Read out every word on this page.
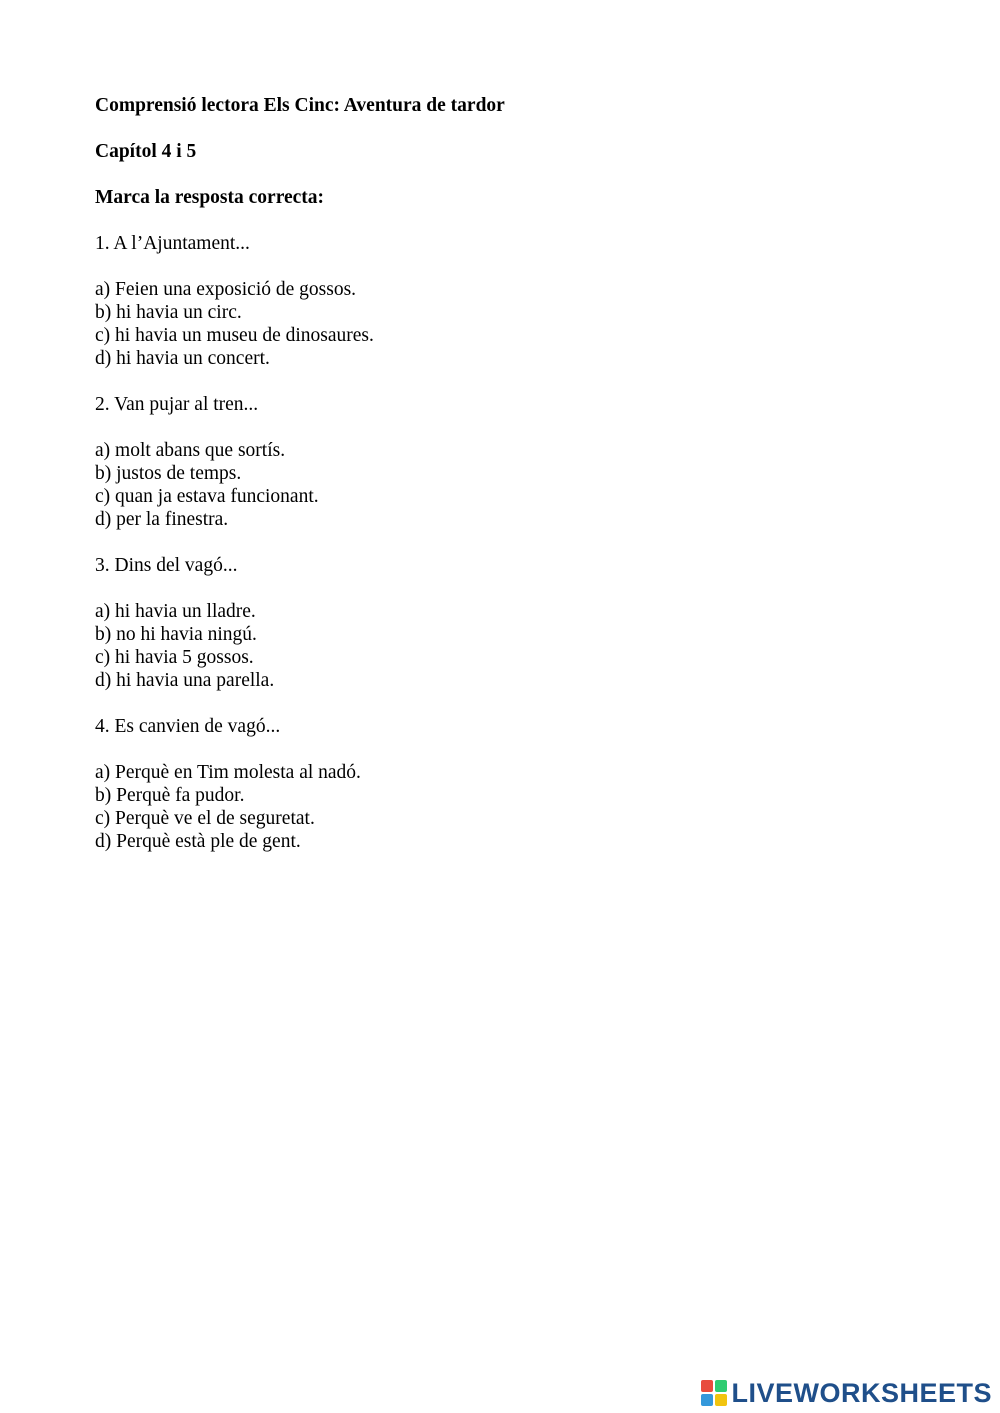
Comprensió lectora Els Cinc: Aventura de tardor
Capítol 4 i 5
Marca la resposta correcta:
1. A l’Ajuntament...
a) Feien una exposició de gossos.
b) hi havia un circ.
c) hi havia un museu de dinosaures.
d) hi havia un concert.
2. Van pujar al tren...
a) molt abans que sortís.
b) justos de temps.
c) quan ja estava funcionant.
d) per la finestra.
3. Dins del vagó...
a) hi havia un lladre.
b) no hi havia ningú.
c) hi havia 5 gossos.
d) hi havia una parella.
4. Es canvien de vagó...
a) Perquè en Tim molesta al nadó.
b) Perquè fa pudor.
c) Perquè ve el de seguretat.
d) Perquè està ple de gent.
LIVEWORKSHEETS
